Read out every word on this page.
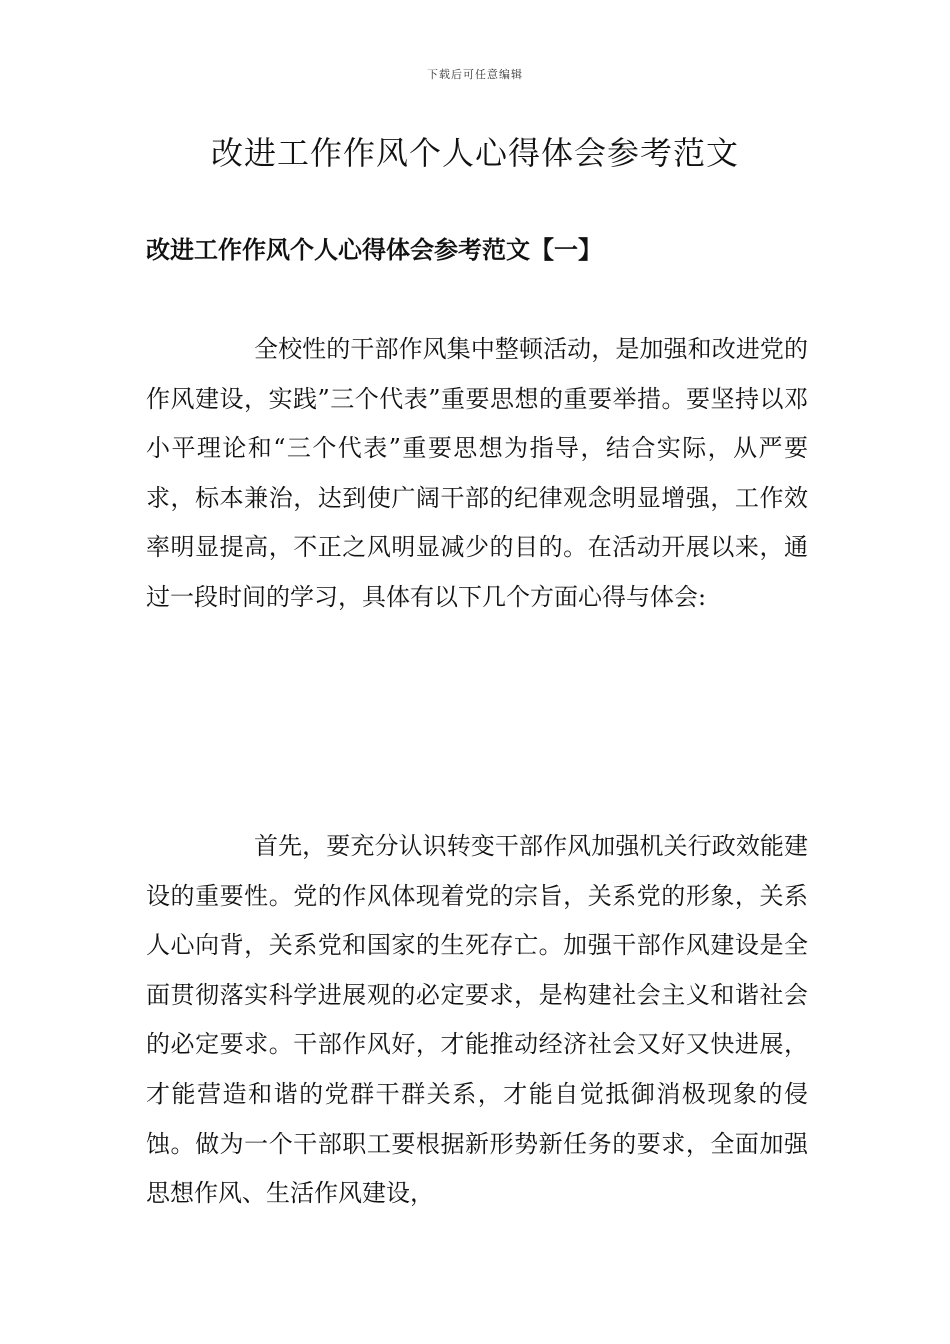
下载后可任意编辑
改进工作作风个人心得体会参考范文
改进工作作风个人心得体会参考范文【一】

全校性的干部作风集中整顿活动，是加强和改进党的作风建设，实践”三个代表”重要思想的重要举措。要坚持以邓小平理论和“三个代表”重要思想为指导，结合实际，从严要求，标本兼治，达到使广阔干部的纪律观念明显增强，工作效率明显提高，不正之风明显减少的目的。在活动开展以来，通过一段时间的学习，具体有以下几个方面心得与体会:

首先，要充分认识转变干部作风加强机关行政效能建设的重要性。党的作风体现着党的宗旨，关系党的形象，关系人心向背，关系党和国家的生死存亡。加强干部作风建设是全面贯彻落实科学进展观的必定要求，是构建社会主义和谐社会的必定要求。干部作风好，才能推动经济社会又好又快进展，才能营造和谐的党群干群关系，才能自觉抵御消极现象的侵蚀。做为一个干部职工要根据新形势新任务的要求，全面加强思想作风、生活作风建设，
